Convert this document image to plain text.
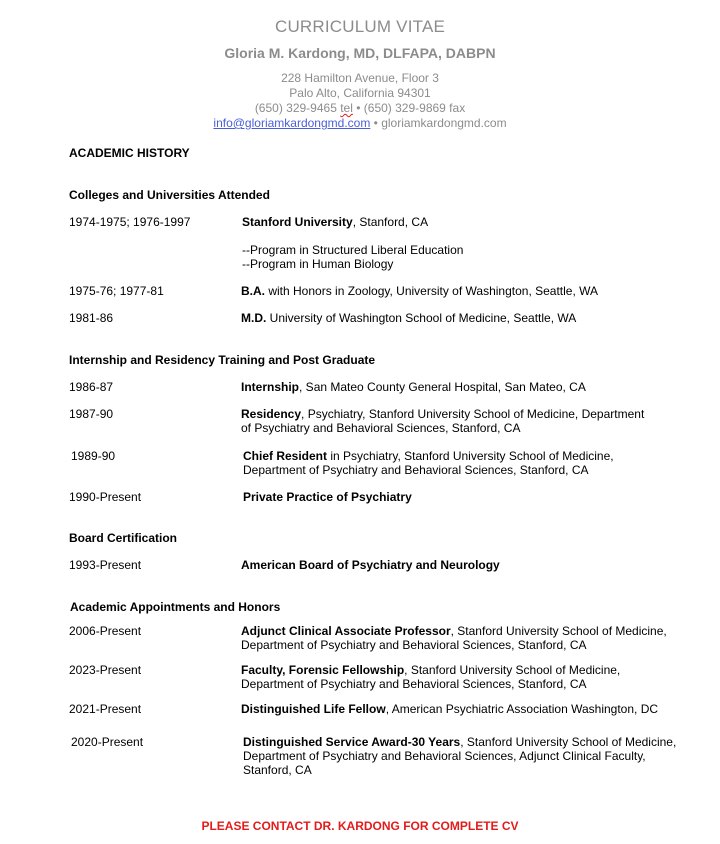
CURRICULUM VITAE
Gloria M. Kardong, MD, DLFAPA, DABPN
228 Hamilton Avenue, Floor 3
Palo Alto, California 94301
(650) 329-9465 tel • (650) 329-9869 fax
info@gloriamkardongmd.com • gloriamkardongmd.com
ACADEMIC HISTORY
Colleges and Universities Attended
1974-1975; 1976-1997	Stanford University, Stanford, CA
--Program in Structured Liberal Education
--Program in Human Biology
1975-76; 1977-81	B.A. with Honors in Zoology, University of Washington, Seattle, WA
1981-86	M.D. University of Washington School of Medicine, Seattle, WA
Internship and Residency Training and Post Graduate
1986-87	Internship, San Mateo County General Hospital, San Mateo, CA
1987-90	Residency, Psychiatry, Stanford University School of Medicine, Department
of Psychiatry and Behavioral Sciences, Stanford, CA
1989-90	Chief Resident in Psychiatry, Stanford University School of Medicine,
Department of Psychiatry and Behavioral Sciences, Stanford, CA
1990-Present	Private Practice of Psychiatry
Board Certification
1993-Present	American Board of Psychiatry and Neurology
Academic Appointments and Honors
2006-Present	Adjunct Clinical Associate Professor, Stanford University School of Medicine,
Department of Psychiatry and Behavioral Sciences, Stanford, CA
2023-Present	Faculty, Forensic Fellowship, Stanford University School of Medicine,
Department of Psychiatry and Behavioral Sciences, Stanford, CA
2021-Present	Distinguished Life Fellow, American Psychiatric Association Washington, DC
2020-Present	Distinguished Service Award-30 Years, Stanford University School of Medicine,
Department of Psychiatry and Behavioral Sciences, Adjunct Clinical Faculty,
Stanford, CA
PLEASE CONTACT DR. KARDONG FOR COMPLETE CV
